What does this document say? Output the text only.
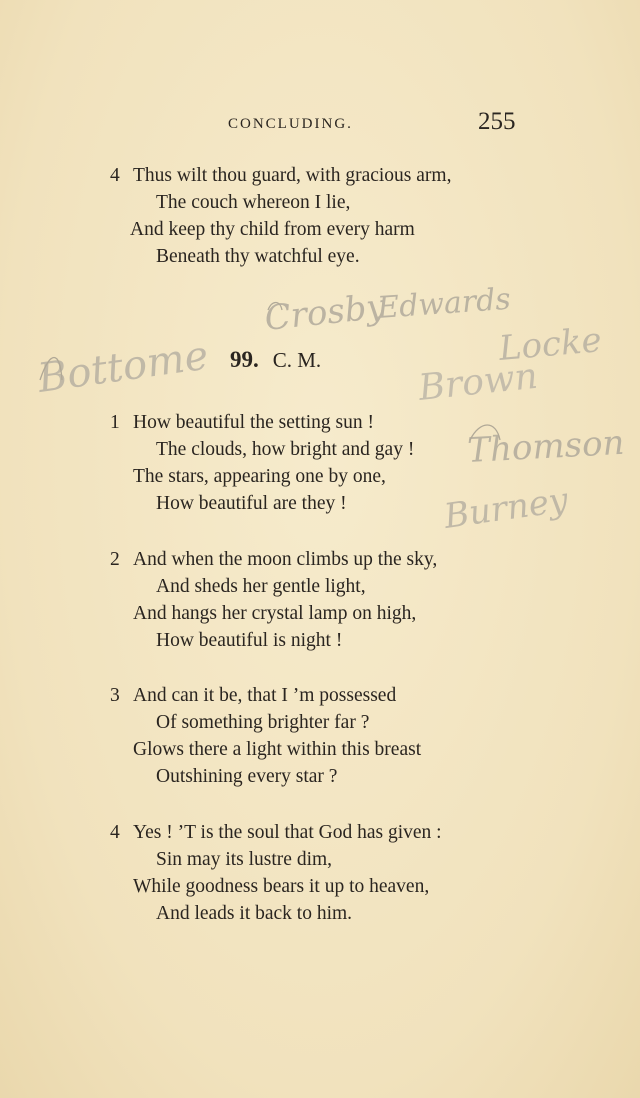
CONCLUDING.	255
4 Thus wilt thou guard, with gracious arm,
The couch whereon I lie,
And keep thy child from every harm
Beneath thy watchful eye.
Crosby
Edwards
Bottome	Locke
Brown
Thomson
Burney
99. C. M.
1 How beautiful the setting sun !
The clouds, how bright and gay !
The stars, appearing one by one,
How beautiful are they !
2 And when the moon climbs up the sky,
And sheds her gentle light,
And hangs her crystal lamp on high,
How beautiful is night !
3 And can it be, that I ’m possessed
Of something brighter far ?
Glows there a light within this breast
Outshining every star ?
4 Yes ! ’T is the soul that God has given :
Sin may its lustre dim,
While goodness bears it up to heaven,
And leads it back to him.
